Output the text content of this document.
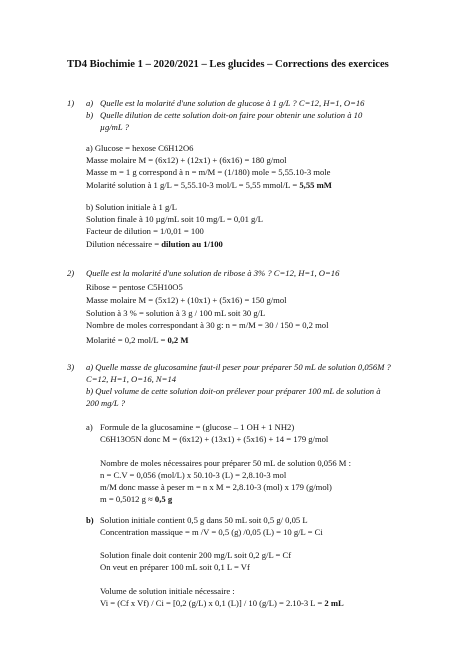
TD4 Biochimie 1 – 2020/2021 – Les glucides – Corrections des exercices
1) a) Quelle est la molarité d'une solution de glucose à 1 g/L ? C=12, H=1, O=16
b) Quelle dilution de cette solution doit-on faire pour obtenir une solution à 10
µg/mL ?
a) Glucose = hexose C6H12O6
Masse molaire M = (6x12) + (12x1) + (6x16) = 180 g/mol
Masse m = 1 g correspond à n = m/M = (1/180) mole = 5,55.10-3 mole
Molarité solution à 1 g/L = 5,55.10-3 mol/L = 5,55 mmol/L = 5,55 mM
b) Solution initiale à 1 g/L
Solution finale à 10 µg/mL soit 10 mg/L = 0,01 g/L
Facteur de dilution = 1/0,01 = 100
Dilution nécessaire = dilution au 1/100
2) Quelle est la molarité d'une solution de ribose à 3% ? C=12, H=1, O=16
Ribose = pentose C5H10O5
Masse molaire M = (5x12) + (10x1) + (5x16) = 150 g/mol
Solution à 3 % = solution à 3 g / 100 mL soit 30 g/L
Nombre de moles correspondant à 30 g: n = m/M = 30 / 150 = 0,2 mol
Molarité = 0,2 mol/L = 0,2 M
3) a) Quelle masse de glucosamine faut-il peser pour préparer 50 mL de solution 0,056M ?
C=12, H=1, O=16, N=14
b) Quel volume de cette solution doit-on prélever pour préparer 100 mL de solution à
200 mg/L ?
a) Formule de la glucosamine = (glucose – 1 OH + 1 NH2)
C6H13O5N donc M = (6x12) + (13x1) + (5x16) + 14 = 179 g/mol
Nombre de moles nécessaires pour préparer 50 mL de solution 0,056 M :
n = C.V = 0,056 (mol/L) x 50.10-3 (L) = 2,8.10-3 mol
m/M donc masse à peser m = n x M = 2,8.10-3 (mol) x 179 (g/mol)
m = 0,5012 g ≈ 0,5 g
b) Solution initiale contient 0,5 g dans 50 mL soit 0,5 g/ 0,05 L
Concentration massique = m /V = 0,5 (g) /0,05 (L) = 10 g/L = Ci
Solution finale doit contenir 200 mg/L soit 0,2 g/L = Cf
On veut en préparer 100 mL soit 0,1 L = Vf
Volume de solution initiale nécessaire :
Vi = (Cf x Vf) / Ci = [0,2 (g/L) x 0,1 (L)] / 10 (g/L) = 2.10-3 L = 2 mL
